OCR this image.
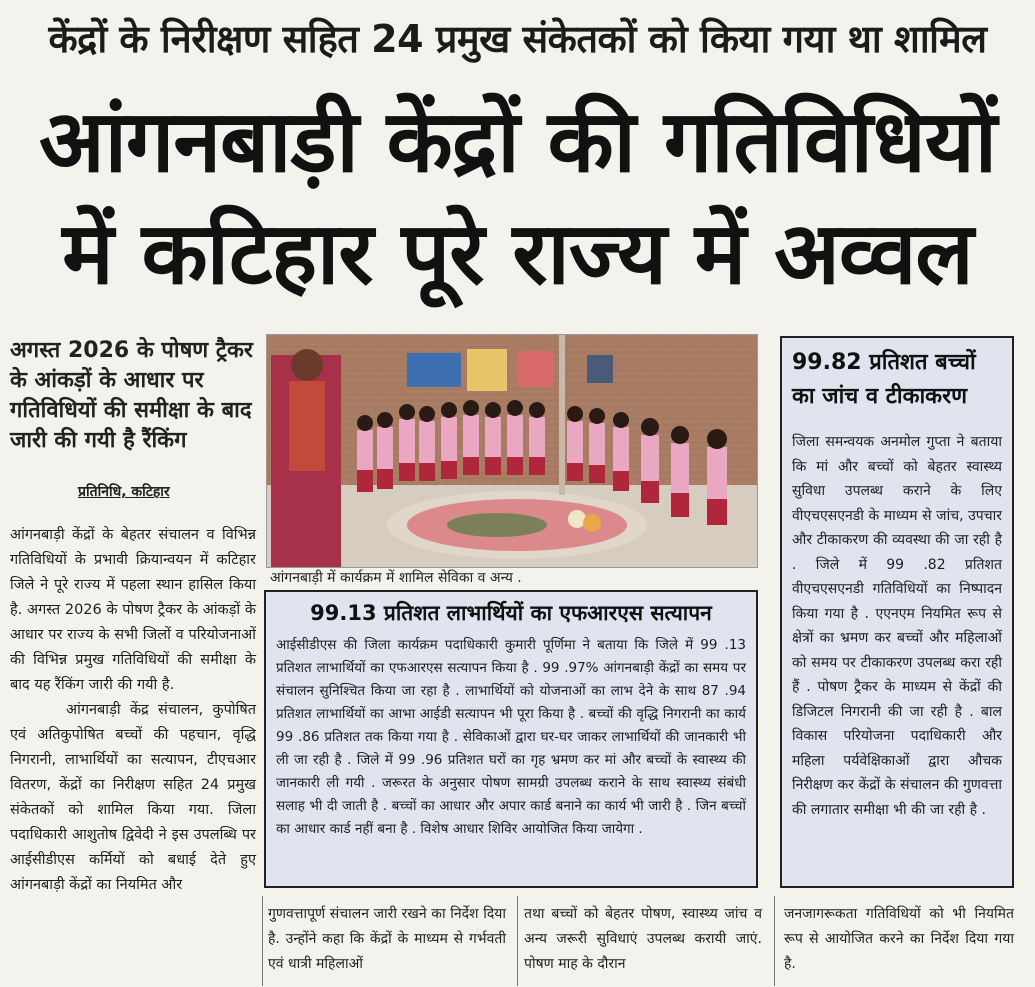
केंद्रों के निरीक्षण सहित 24 प्रमुख संकेतकों को किया गया था शामिल
आंगनबाड़ी केंद्रों की गतिविधियों
में कटिहार पूरे राज्य में अव्वल
अगस्त 2026 के पोषण ट्रैकर के आंकड़ों के आधार पर गतिविधियों की समीक्षा के बाद जारी की गयी है रैंकिंग
प्रतिनिधि, कटिहार

आंगनबाड़ी केंद्रों के बेहतर संचालन व विभिन्न गतिविधियों के प्रभावी क्रियान्वयन में कटिहार जिले ने पूरे राज्य में पहला स्थान हासिल किया है. अगस्त 2026 के पोषण ट्रैकर के आंकड़ों के आधार पर राज्य के सभी जिलों व परियोजनाओं की विभिन्न प्रमुख गतिविधियों की समीक्षा के बाद यह रैंकिंग जारी की गयी है.

आंगनबाड़ी केंद्र संचालन, कुपोषित एवं अतिकुपोषित बच्चों की पहचान, वृद्धि निगरानी, लाभार्थियों का सत्यापन, टीएचआर वितरण, केंद्रों का निरीक्षण सहित 24 प्रमुख संकेतकों को शामिल किया गया. जिला पदाधिकारी आशुतोष द्विवेदी ने इस उपलब्धि पर आईसीडीएस कर्मियों को बधाई देते हुए आंगनबाड़ी केंद्रों का नियमित और

आंगनबाड़ी में कार्यक्रम में शामिल सेविका व अन्य .
99.13 प्रतिशत लाभार्थियों का एफआरएस सत्यापन

आईसीडीएस की जिला कार्यक्रम पदाधिकारी कुमारी पूर्णिमा ने बताया कि जिले में 99 .13 प्रतिशत लाभार्थियों का एफआरएस सत्यापन किया है . 99 .97% आंगनबाड़ी केंद्रों का समय पर संचालन सुनिश्चित किया जा रहा है . लाभार्थियों को योजनाओं का लाभ देने के साथ 87 .94 प्रतिशत लाभार्थियों का आभा आईडी सत्यापन भी पूरा किया है . बच्चों की वृद्धि निगरानी का कार्य 99 .86 प्रतिशत तक किया गया है . सेविकाओं द्वारा घर-घर जाकर लाभार्थियों की जानकारी भी ली जा रही है . जिले में 99 .96 प्रतिशत घरों का गृह भ्रमण कर मां और बच्चों के स्वास्थ्य की जानकारी ली गयी . जरूरत के अनुसार पोषण सामग्री उपलब्ध कराने के साथ स्वास्थ्य संबंधी सलाह भी दी जाती है . बच्चों का आधार और अपार कार्ड बनाने का कार्य भी जारी है . जिन बच्चों का आधार कार्ड नहीं बना है . विशेष आधार शिविर आयोजित किया जायेगा .

99.82 प्रतिशत बच्चों का जांच व टीकाकरण

जिला समन्वयक अनमोल गुप्ता ने बताया कि मां और बच्चों को बेहतर स्वास्थ्य सुविधा उपलब्ध कराने के लिए वीएचएसएनडी के माध्यम से जांच, उपचार और टीकाकरण की व्यवस्था की जा रही है . जिले में 99 .82 प्रतिशत वीएचएसएनडी गतिविधियों का निष्पादन किया गया है . एएनएम नियमित रूप से क्षेत्रों का भ्रमण कर बच्चों और महिलाओं को समय पर टीकाकरण उपलब्ध करा रही हैं . पोषण ट्रैकर के माध्यम से केंद्रों की डिजिटल निगरानी की जा रही है . बाल विकास परियोजना पदाधिकारी और महिला पर्यवेक्षिकाओं द्वारा औचक निरीक्षण कर केंद्रों के संचालन की गुणवत्ता की लगातार समीक्षा भी की जा रही है .

गुणवत्तापूर्ण संचालन जारी रखने का निर्देश दिया है. उन्होंने कहा कि केंद्रों के माध्यम से गर्भवती एवं धात्री महिलाओं
तथा बच्चों को बेहतर पोषण, स्वास्थ्य जांच व अन्य जरूरी सुविधाएं उपलब्ध करायी जाएं. पोषण माह के दौरान
जनजागरूकता गतिविधियों को भी नियमित रूप से आयोजित करने का निर्देश दिया गया है.
